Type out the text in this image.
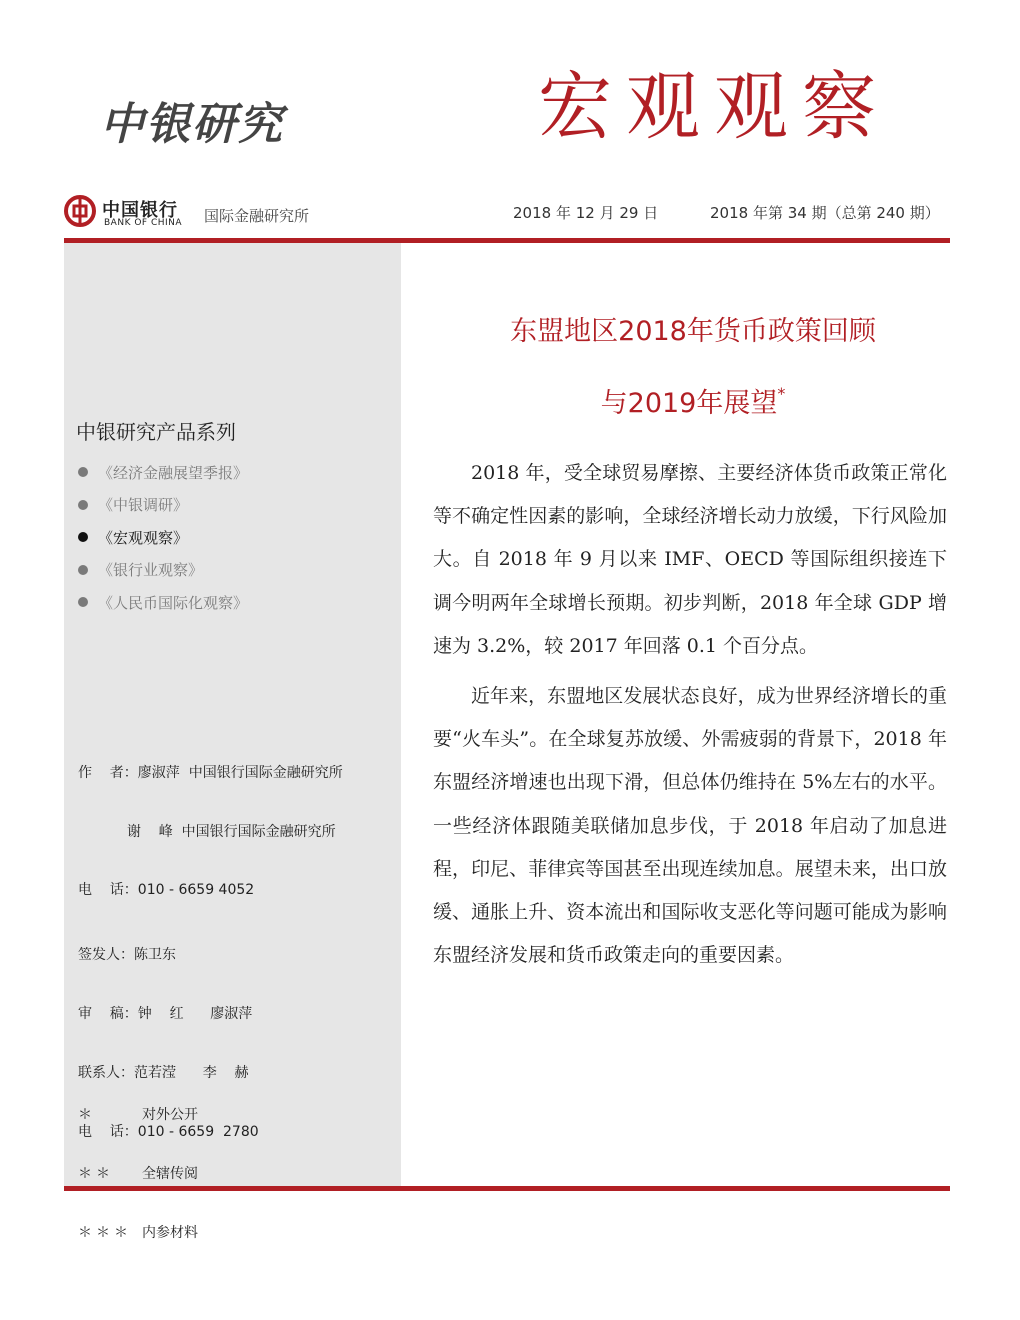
中银研究	宏观观察
中国银行
BANK OF CHINA 国际金融研究所	2018 年 12 月 29 日	2018 年第 34 期（总第 240 期）
中银研究产品系列
《经济金融展望季报》
《中银调研》
《宏观观察》
《银行业观察》
《人民币国际化观察》

作    者：廖淑萍  中国银行国际金融研究所

谢    峰  中国银行国际金融研究所

电    话：010 - 6659 4052

签发人：陈卫东

审    稿：钟    红      廖淑萍

联系人：范若滢      李    赫

电    话：010 - 6659  2780

＊	对外公开

＊＊	全辖传阅

＊＊＊ 内参材料

东盟地区2018年货币政策回顾
与2019年展望*

2018 年，受全球贸易摩擦、主要经济体货币政策正常化等不确定性因素的影响，全球经济增长动力放缓，下行风险加大。自 2018 年 9 月以来 IMF、OECD 等国际组织接连下调今明两年全球增长预期。初步判断，2018 年全球 GDP 增速为 3.2%，较 2017 年回落 0.1 个百分点。

近年来，东盟地区发展状态良好，成为世界经济增长的重要“火车头”。在全球复苏放缓、外需疲弱的背景下，2018 年东盟经济增速也出现下滑，但总体仍维持在 5%左右的水平。一些经济体跟随美联储加息步伐，于 2018 年启动了加息进程，印尼、菲律宾等国甚至出现连续加息。展望未来，出口放缓、通胀上升、资本流出和国际收支恶化等问题可能成为影响东盟经济发展和货币政策走向的重要因素。
